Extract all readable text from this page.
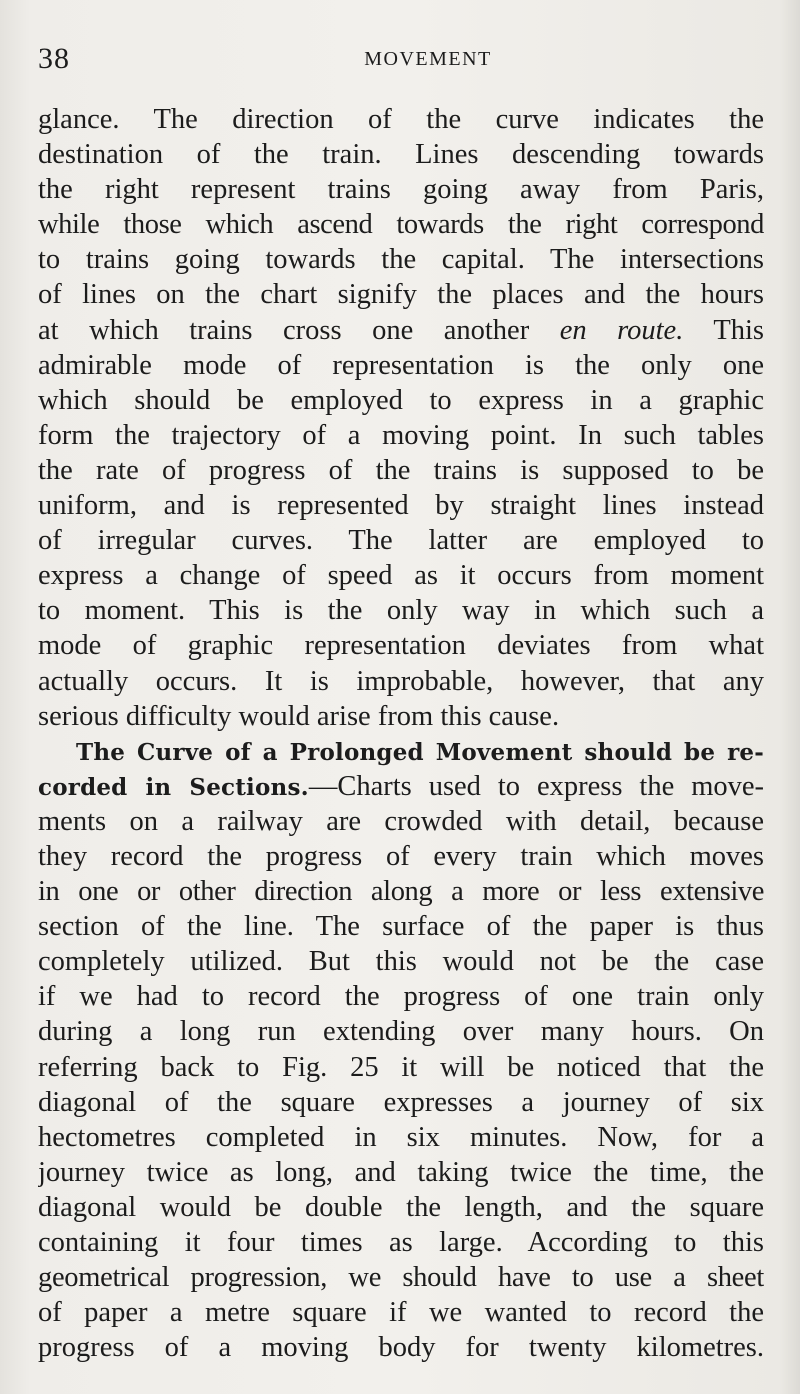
38	MOVEMENT
glance. The direction of the curve indicates the
destination of the train. Lines descending towards
the right represent trains going away from Paris,
while those which ascend towards the right correspond
to trains going towards the capital. The intersections
of lines on the chart signify the places and the hours
at which trains cross one another en route. This
admirable mode of representation is the only one
which should be employed to express in a graphic
form the trajectory of a moving point. In such tables
the rate of progress of the trains is supposed to be
uniform, and is represented by straight lines instead
of irregular curves. The latter are employed to
express a change of speed as it occurs from moment
to moment. This is the only way in which such a
mode of graphic representation deviates from what
actually occurs. It is improbable, however, that any
serious difficulty would arise from this cause.
The Curve of a Prolonged Movement should be re-
corded in Sections.—Charts used to express the move-
ments on a railway are crowded with detail, because
they record the progress of every train which moves
in one or other direction along a more or less extensive
section of the line. The surface of the paper is thus
completely utilized. But this would not be the case
if we had to record the progress of one train only
during a long run extending over many hours. On
referring back to Fig. 25 it will be noticed that the
diagonal of the square expresses a journey of six
hectometres completed in six minutes. Now, for a
journey twice as long, and taking twice the time, the
diagonal would be double the length, and the square
containing it four times as large. According to this
geometrical progression, we should have to use a sheet
of paper a metre square if we wanted to record the
progress of a moving body for twenty kilometres.
